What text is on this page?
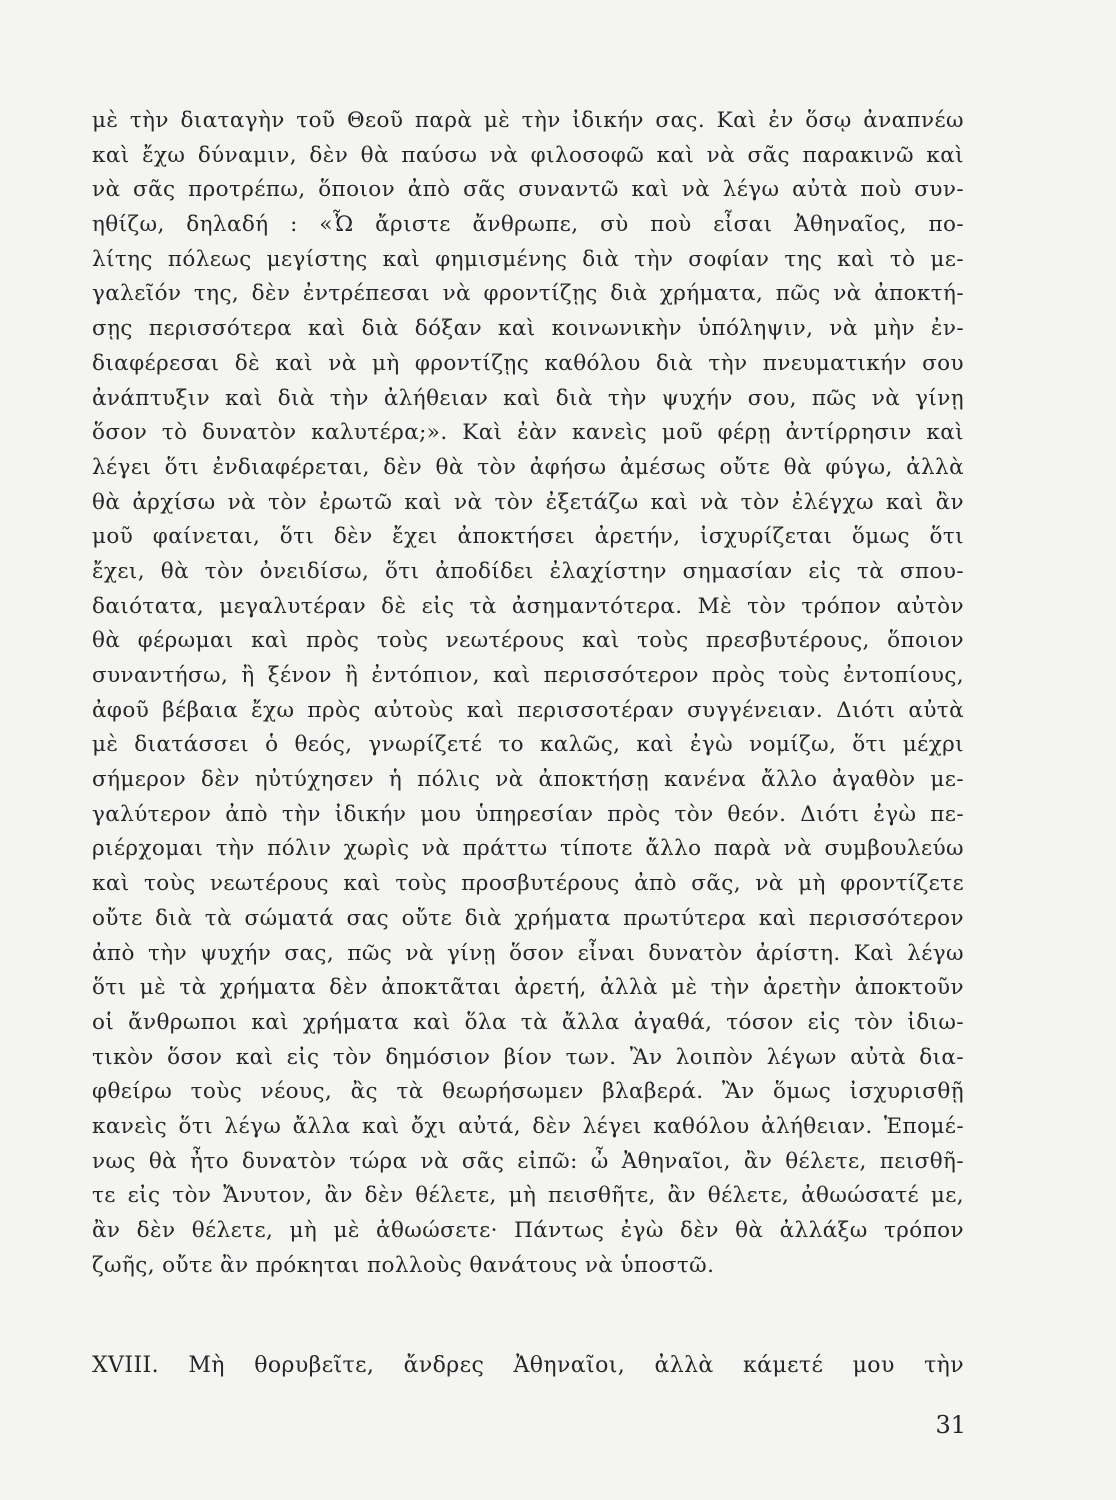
μὲ τὴν διαταγὴν τοῦ Θεοῦ παρὰ μὲ τὴν ἰδικήν σας. Καὶ ἐν ὅσῳ ἀναπνέω
καὶ ἔχω δύναμιν, δὲν θὰ παύσω νὰ φιλοσοφῶ καὶ νὰ σᾶς παρακινῶ καὶ
νὰ σᾶς προτρέπω, ὅποιον ἀπὸ σᾶς συναντῶ καὶ νὰ λέγω αὐτὰ ποὺ συν-
ηθίζω, δηλαδή : «Ὦ ἄριστε ἄνθρωπε, σὺ ποὺ εἶσαι Ἀθηναῖος, πο-
λίτης πόλεως μεγίστης καὶ φημισμένης διὰ τὴν σοφίαν της καὶ τὸ με-
γαλεῖόν της, δὲν ἐντρέπεσαι νὰ φροντίζῃς διὰ χρήματα, πῶς νὰ ἀποκτή-
σῃς περισσότερα καὶ διὰ δόξαν καὶ κοινωνικὴν ὑπόληψιν, νὰ μὴν ἐν-
διαφέρεσαι δὲ καὶ νὰ μὴ φροντίζῃς καθόλου διὰ τὴν πνευματικήν σου
ἀνάπτυξιν καὶ διὰ τὴν ἀλήθειαν καὶ διὰ τὴν ψυχήν σου, πῶς νὰ γίνῃ
ὅσον τὸ δυνατὸν καλυτέρα;». Καὶ ἐὰν κανεὶς μοῦ φέρῃ ἀντίρρησιν καὶ
λέγει ὅτι ἐνδιαφέρεται, δὲν θὰ τὸν ἀφήσω ἀμέσως οὔτε θὰ φύγω, ἀλλὰ
θὰ ἀρχίσω νὰ τὸν ἐρωτῶ καὶ νὰ τὸν ἐξετάζω καὶ νὰ τὸν ἐλέγχω καὶ ἂν
μοῦ φαίνεται, ὅτι δὲν ἔχει ἀποκτήσει ἀρετήν, ἰσχυρίζεται ὅμως ὅτι
ἔχει, θὰ τὸν ὀνειδίσω, ὅτι ἀποδίδει ἐλαχίστην σημασίαν εἰς τὰ σπου-
δαιότατα, μεγαλυτέραν δὲ εἰς τὰ ἀσημαντότερα. Μὲ τὸν τρόπον αὐτὸν
θὰ φέρωμαι καὶ πρὸς τοὺς νεωτέρους καὶ τοὺς πρεσβυτέρους, ὅποιον
συναντήσω, ἢ ξένον ἢ ἐντόπιον, καὶ περισσότερον πρὸς τοὺς ἐντοπίους,
ἀφοῦ βέβαια ἔχω πρὸς αὐτοὺς καὶ περισσοτέραν συγγένειαν. Διότι αὐτὰ
μὲ διατάσσει ὁ θεός, γνωρίζετέ το καλῶς, καὶ ἐγὼ νομίζω, ὅτι μέχρι
σήμερον δὲν ηὐτύχησεν ἡ πόλις νὰ ἀποκτήσῃ κανένα ἄλλο ἀγαθὸν με-
γαλύτερον ἀπὸ τὴν ἰδικήν μου ὑπηρεσίαν πρὸς τὸν θεόν. Διότι ἐγὼ πε-
ριέρχομαι τὴν πόλιν χωρὶς νὰ πράττω τίποτε ἄλλο παρὰ νὰ συμβουλεύω
καὶ τοὺς νεωτέρους καὶ τοὺς προσβυτέρους ἀπὸ σᾶς, νὰ μὴ φροντίζετε
οὔτε διὰ τὰ σώματά σας οὔτε διὰ χρήματα πρωτύτερα καὶ περισσότερον
ἀπὸ τὴν ψυχήν σας, πῶς νὰ γίνῃ ὅσον εἶναι δυνατὸν ἀρίστη. Καὶ λέγω
ὅτι μὲ τὰ χρήματα δὲν ἀποκτᾶται ἀρετή, ἀλλὰ μὲ τὴν ἀρετὴν ἀποκτοῦν
οἱ ἄνθρωποι καὶ χρήματα καὶ ὅλα τὰ ἄλλα ἀγαθά, τόσον εἰς τὸν ἰδιω-
τικὸν ὅσον καὶ εἰς τὸν δημόσιον βίον των. Ἂν λοιπὸν λέγων αὐτὰ δια-
φθείρω τοὺς νέους, ἂς τὰ θεωρήσωμεν βλαβερά. Ἂν ὅμως ἰσχυρισθῇ
κανεὶς ὅτι λέγω ἄλλα καὶ ὄχι αὐτά, δὲν λέγει καθόλου ἀλήθειαν. Ἑπομέ-
νως θὰ ἦτο δυνατὸν τώρα νὰ σᾶς εἰπῶ: ὦ Ἀθηναῖοι, ἂν θέλετε, πεισθῆ-
τε εἰς τὸν Ἄνυτον, ἂν δὲν θέλετε, μὴ πεισθῆτε, ἂν θέλετε, ἀθωώσατέ με,
ἂν δὲν θέλετε, μὴ μὲ ἀθωώσετε· Πάντως ἐγὼ δὲν θὰ ἀλλάξω τρόπον
ζωῆς, οὔτε ἂν πρόκηται πολλοὺς θανάτους νὰ ὑποστῶ.
XVIII. Μὴ θορυβεῖτε, ἄνδρες Ἀθηναῖοι, ἀλλὰ κάμετέ μου τὴν
31
